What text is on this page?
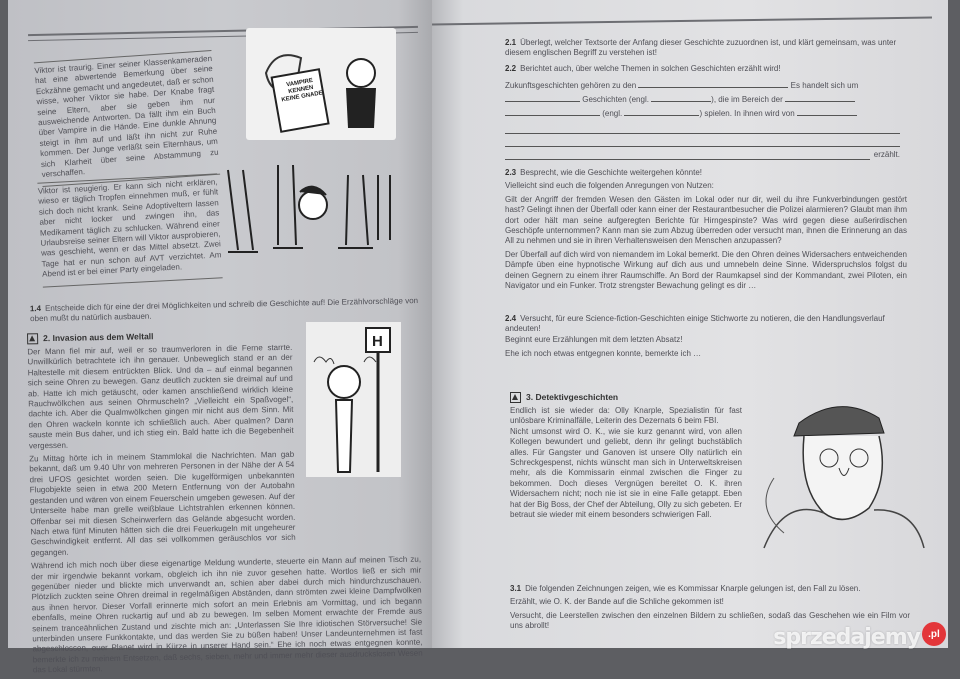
Viktor ist traurig. Einer seiner Klassenkameraden hat eine abwertende Bemerkung über seine Eckzähne gemacht und angedeutet, daß er schon wisse, woher Viktor sie habe. Der Knabe fragt seine Eltern, aber sie geben ihm nur ausweichende Antworten. Da fällt ihm ein Buch über Vampire in die Hände. Eine dunkle Ahnung steigt in ihm auf und läßt ihn nicht zur Ruhe kommen. Der Junge verläßt sein Elternhaus, um sich Klarheit über seine Abstammung zu verschaffen.

VAMPIRE KENNEN KEINE GNADE

Viktor ist neugierig. Er kann sich nicht erklären, wieso er täglich Tropfen einnehmen muß, er fühlt sich doch nicht krank. Seine Adoptiveltern lassen aber nicht locker und zwingen ihn, das Medikament täglich zu schlucken. Während einer Urlaubsreise seiner Eltern will Viktor ausprobieren, was geschieht, wenn er das Mittel absetzt. Zwei Tage hat er nun schon auf AVT verzichtet. Am Abend ist er bei einer Party eingeladen.

1.4 Entscheide dich für eine der drei Möglichkeiten und schreib die Geschichte auf! Die Erzählvorschläge von oben mußt du natürlich ausbauen.
2. Invasion aus dem Weltall

Der Mann fiel mir auf, weil er so traumverloren in die Ferne starrte. Unwillkürlich betrachtete ich ihn genauer. Unbeweglich stand er an der Haltestelle mit diesem entrückten Blick. Und da – auf einmal begannen sich seine Ohren zu bewegen. Ganz deutlich zuckten sie dreimal auf und ab. Hatte ich mich getäuscht, oder kamen anschließend wirklich kleine Rauchwölkchen aus seinen Ohrmuscheln? „Vielleicht ein Spaßvogel“, dachte ich. Aber die Qualmwölkchen gingen mir nicht aus dem Sinn. Mit den Ohren wackeln konnte ich schließlich auch. Aber qualmen? Dann sauste mein Bus daher, und ich stieg ein. Bald hatte ich die Begebenheit vergessen.

Zu Mittag hörte ich in meinem Stammlokal die Nachrichten. Man gab bekannt, daß um 9.40 Uhr von mehreren Personen in der Nähe der A 54 drei UFOS gesichtet worden seien. Die kugelförmigen unbekannten Flugobjekte seien in etwa 200 Metern Entfernung von der Autobahn gestanden und wären von einem Feuerschein umgeben gewesen. Auf der Unterseite habe man grelle weißblaue Lichtstrahlen erkennen können. Offenbar sei mit diesen Scheinwerfern das Gelände abgesucht worden. Nach etwa fünf Minuten hätten sich die drei Feuerkugeln mit ungeheurer Geschwindigkeit entfernt. All das sei vollkommen geräuschlos vor sich gegangen.

Während ich mich noch über diese eigenartige Meldung wunderte, steuerte ein Mann auf meinen Tisch zu, der mir irgendwie bekannt vorkam, obgleich ich ihn nie zuvor gesehen hatte. Wortlos ließ er sich mir gegenüber nieder und blickte mich unverwandt an, schien aber dabei durch mich hindurchzuschauen. Plötzlich zuckten seine Ohren dreimal in regelmäßigen Abständen, dann strömten zwei kleine Dampfwolken aus ihnen hervor. Dieser Vorfall erinnerte mich sofort an mein Erlebnis am Vormittag, und ich begann ebenfalls, meine Ohren ruckartig auf und ab zu bewegen. Im selben Moment erwachte der Fremde aus seinem tranceähnlichen Zustand und zischte mich an: „Unterlassen Sie Ihre idiotischen Störversuche! Sie unterbinden unsere Funkkontakte, und das werden Sie zu büßen haben! Unser Landeunternehmen ist fast abgeschlossen, euer Planet wird in Kürze in unserer Hand sein.“ Ehe ich noch etwas entgegnen konnte, bemerkte ich zu meinem Entsetzen, daß sechs, sieben, mehr und immer mehr dieser ausdruckslosen Wesen das Lokal stürmten.

H
2.1 Überlegt, welcher Textsorte der Anfang dieser Geschichte zuzuordnen ist, und klärt gemeinsam, was unter diesem englischen Begriff zu verstehen ist!
2.2 Berichtet auch, über welche Themen in solchen Geschichten erzählt wird!
Zukunftsgeschichten gehören zu den	Es handelt sich um
Geschichten (engl.	), die im Bereich der
(engl.	) spielen. In ihnen wird von
erzählt.

2.3 Besprecht, wie die Geschichte weitergehen könnte!

Vielleicht sind euch die folgenden Anregungen von Nutzen:

Gilt der Angriff der fremden Wesen den Gästen im Lokal oder nur dir, weil du ihre Funkverbindungen gestört hast? Gelingt ihnen der Überfall oder kann einer der Restaurantbesucher die Polizei alarmieren? Glaubt man ihm dort oder hält man seine aufgeregten Berichte für Hirngespinste? Was wird gegen diese außerirdischen Geschöpfe unternommen? Kann man sie zum Abzug überreden oder versucht man, ihnen die Erinnerung an das All zu nehmen und sie in ihren Verhaltensweisen den Menschen anzupassen?

Der Überfall auf dich wird von niemandem im Lokal bemerkt. Die den Ohren deines Widersachers entweichenden Dämpfe üben eine hypnotische Wirkung auf dich aus und umnebeln deine Sinne. Widerspruchslos folgst du deinen Gegnern zu einem ihrer Raumschiffe. An Bord der Raumkapsel sind der Kommandant, zwei Piloten, ein Navigator und ein Funker. Trotz strengster Bewachung gelingt es dir …

2.4 Versucht, für eure Science-fiction-Geschichten einige Stichworte zu notieren, die den Handlungsverlauf andeuten!
Beginnt eure Erzählungen mit dem letzten Absatz!
Ehe ich noch etwas entgegnen konnte, bemerkte ich …
3. Detektivgeschichten

Endlich ist sie wieder da: Olly Knarple, Spezialistin für fast unlösbare Kriminalfälle, Leiterin des Dezernats 6 beim FBI.

Nicht umsonst wird O. K., wie sie kurz genannt wird, von allen Kollegen bewundert und geliebt, denn ihr gelingt buchstäblich alles. Für Gangster und Ganoven ist unsere Olly natürlich ein Schreckgespenst, nichts wünscht man sich in Unterweltskreisen mehr, als die Kommissarin einmal zwischen die Finger zu bekommen. Doch dieses Vergnügen bereitet O. K. ihren Widersachern nicht; noch nie ist sie in eine Falle getappt. Eben hat der Big Boss, der Chef der Abteilung, Olly zu sich gebeten. Er betraut sie wieder mit einem besonders schwierigen Fall.

3.1 Die folgenden Zeichnungen zeigen, wie es Kommissar Knarple gelungen ist, den Fall zu lösen.

Erzählt, wie O. K. der Bande auf die Schliche gekommen ist!

Versucht, die Leerstellen zwischen den einzelnen Bildern zu schließen, sodaß das Geschehen wie ein Film vor uns abrollt!	sprzedajemy .pl
